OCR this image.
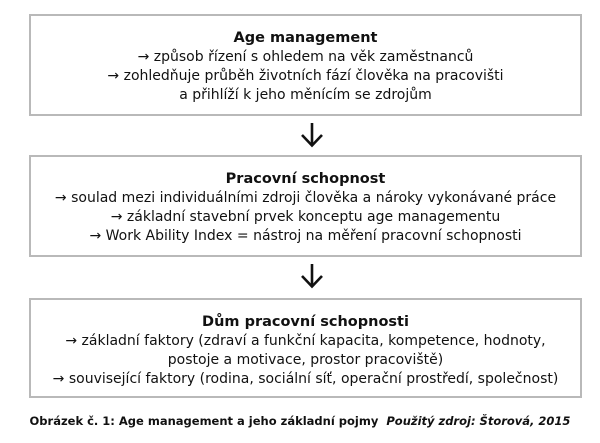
Age management
→ způsob řízení s ohledem na věk zaměstnanců
→ zohledňuje průběh životních fází člověka na pracovišti
a přihlíží k jeho měnícím se zdrojům
Pracovní schopnost
→ soulad mezi individuálními zdroji člověka a nároky vykonávané práce
→ základní stavební prvek konceptu age managementu
→ Work Ability Index = nástroj na měření pracovní schopnosti
Dům pracovní schopnosti
→ základní faktory (zdraví a funkční kapacita, kompetence, hodnoty,
postoje a motivace, prostor pracoviště)
→ související faktory (rodina, sociální síť, operační prostředí, společnost)
Obrázek č. 1: Age management a jeho základní pojmy Použitý zdroj: Štorová, 2015
